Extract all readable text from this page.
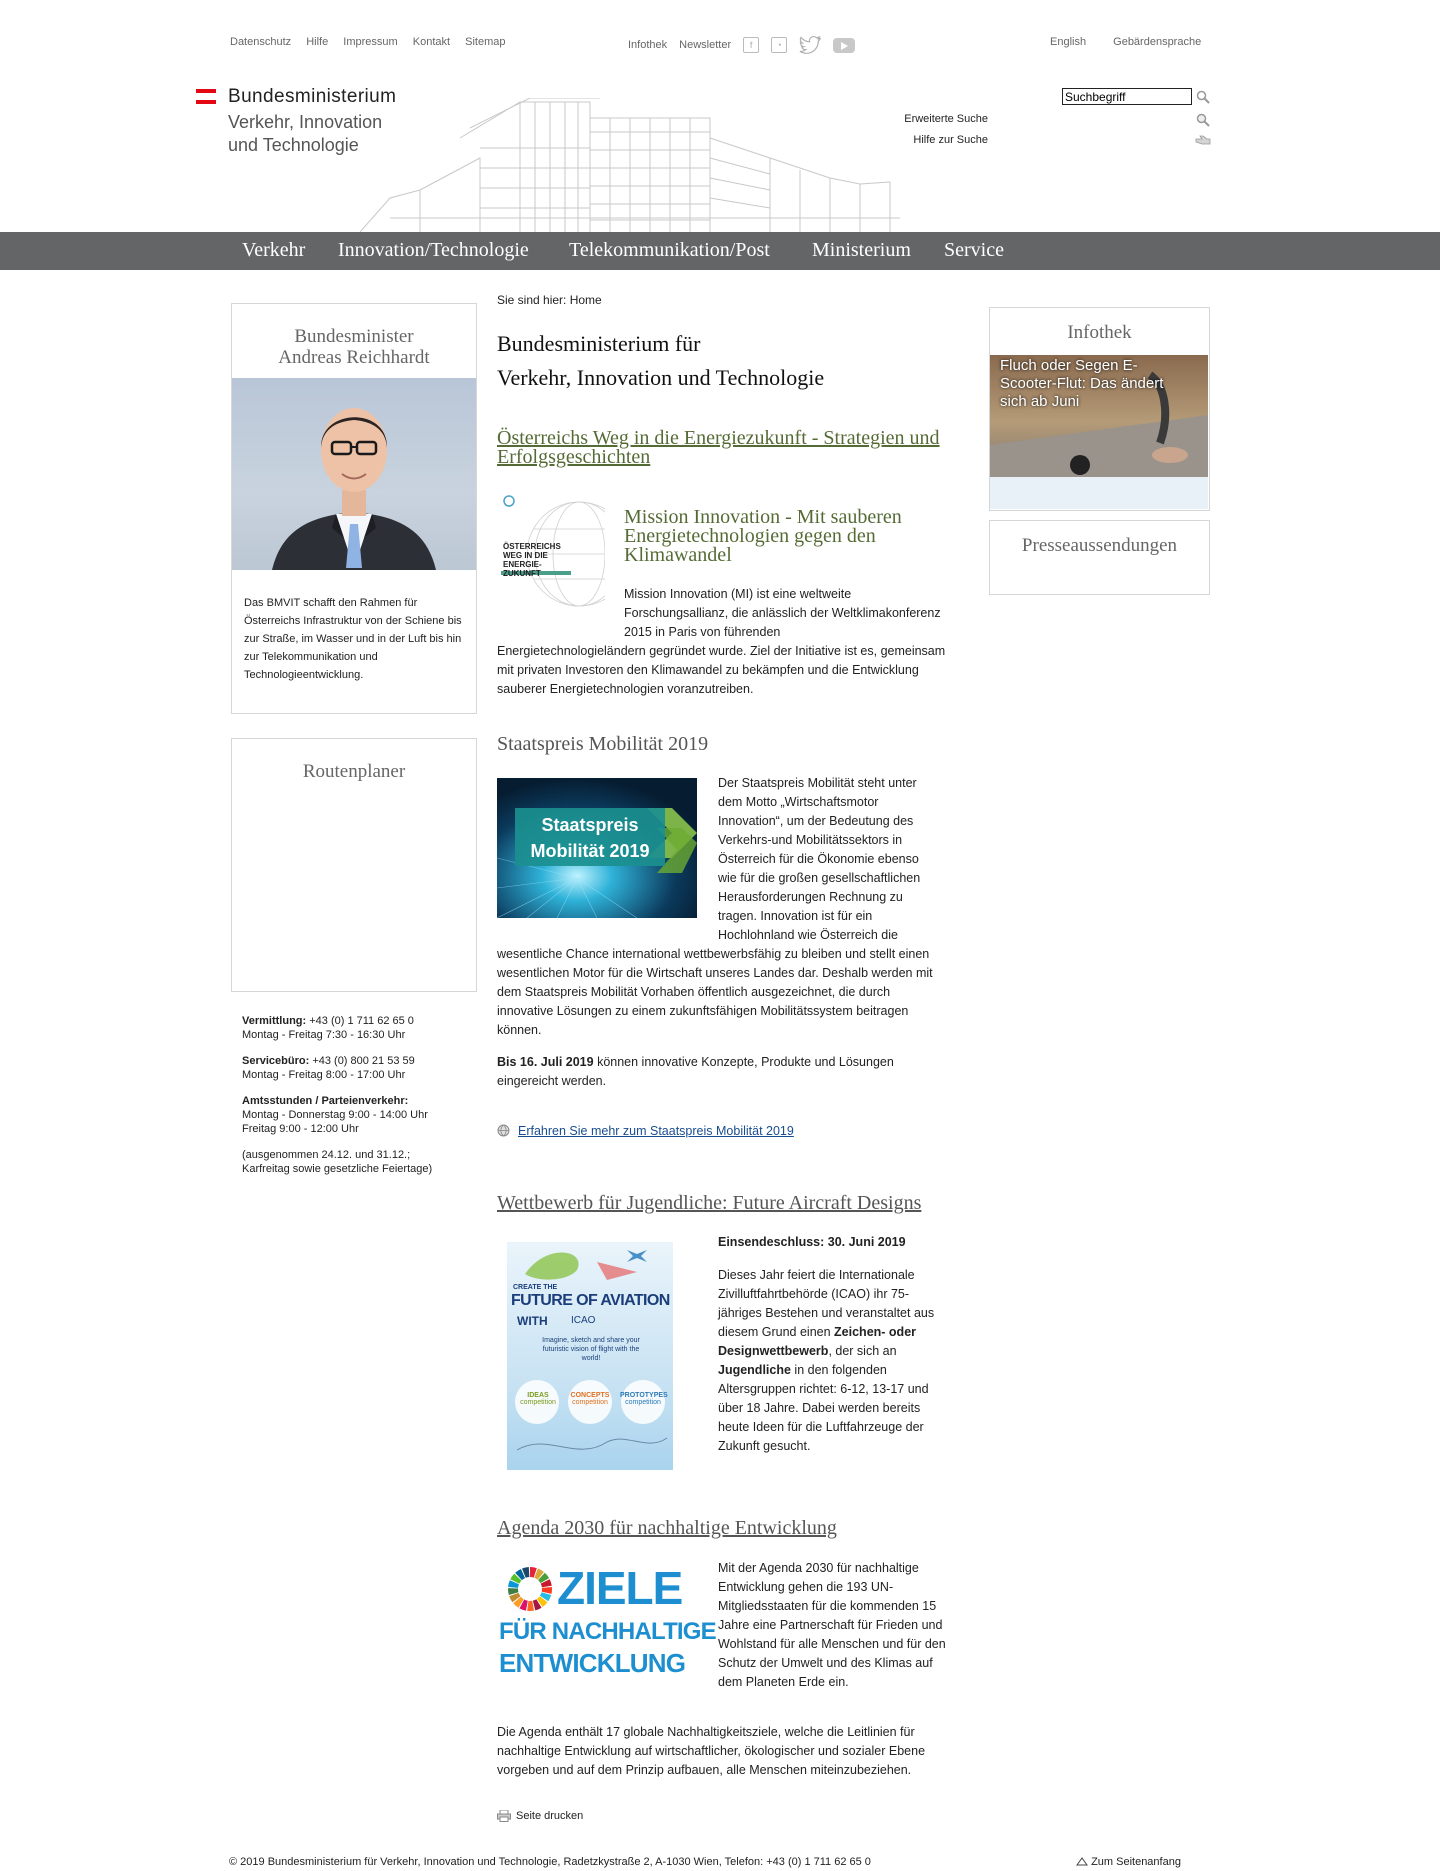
Datenschutz Hilfe Impressum Kontakt Sitemap	Infothek Newsletter	f	◔	English Gebärdensprache
Bundesministerium
Verkehr, Innovation
und Technologie
Suchbegriff
Erweiterte Suche
Hilfe zur Suche
Verkehr Innovation/Technologie Telekommunikation/Post Ministerium Service
Bundesminister
Andreas Reichhardt
Das BMVIT schafft den Rahmen für Österreichs Infrastruktur von der Schiene bis zur Straße, im Wasser und in der Luft bis hin zur Telekommunikation und Technologieentwicklung.
Routenplaner

Vermittlung: +43 (0) 1 711 62 65 0
Montag - Freitag 7:30 - 16:30 Uhr

Servicebüro: +43 (0) 800 21 53 59
Montag - Freitag 8:00 - 17:00 Uhr

Amtsstunden / Parteienverkehr:
Montag - Donnerstag 9:00 - 14:00 Uhr
Freitag 9:00 - 12:00 Uhr

(ausgenommen 24.12. und 31.12.;
Karfreitag sowie gesetzliche Feiertage)

Sie sind hier: Home
Bundesministerium für
Verkehr, Innovation und Technologie
Österreichs Weg in die Energiezukunft - Strategien und Erfolgsgeschichten
ÖSTERREICHS WEG IN DIE ENERGIE-ZUKUNFT
Mission Innovation - Mit sauberen Energietechnologien gegen den Klimawandel
Mission Innovation (MI) ist eine weltweite Forschungsallianz, die anlässlich der Weltklimakonferenz 2015 in Paris von führenden
Energietechnologieländern gegründet wurde. Ziel der Initiative ist es, gemeinsam mit privaten Investoren den Klimawandel zu bekämpfen und die Entwicklung sauberer Energietechnologien voranzutreiben.
Staatspreis Mobilität 2019
Staatspreis
Mobilität 2019
Der Staatspreis Mobilität steht unter dem Motto „Wirtschaftsmotor Innovation“, um der Bedeutung des Verkehrs-und Mobilitätssektors in Österreich für die Ökonomie ebenso wie für die großen gesellschaftlichen Herausforderungen Rechnung zu tragen. Innovation ist für ein Hochlohnland wie Österreich die
wesentliche Chance international wettbewerbsfähig zu bleiben und stellt einen wesentlichen Motor für die Wirtschaft unseres Landes dar. Deshalb werden mit dem Staatspreis Mobilität Vorhaben öffentlich ausgezeichnet, die durch innovative Lösungen zu einem zukunftsfähigen Mobilitätssystem beitragen können.
Bis 16. Juli 2019 können innovative Konzepte, Produkte und Lösungen eingereicht werden.
Erfahren Sie mehr zum Staatspreis Mobilität 2019
Wettbewerb für Jugendliche: Future Aircraft Designs
CREATE THE
FUTURE OF AVIATION
WITH ICAO
Imagine, sketch and share your futuristic vision of flight with the world!
IDEAS
competition
CONCEPTS
competition
PROTOTYPES
competition
Einsendeschluss: 30. Juni 2019
Dieses Jahr feiert die Internationale Zivilluftfahrtbehörde (ICAO) ihr 75-jähriges Bestehen und veranstaltet aus diesem Grund einen Zeichen- oder Designwettbewerb, der sich an Jugendliche in den folgenden Altersgruppen richtet: 6-12, 13-17 und über 18 Jahre. Dabei werden bereits heute Ideen für die Luftfahrzeuge der Zukunft gesucht.
Agenda 2030 für nachhaltige Entwicklung
ZIELE
FÜR NACHHALTIGE
ENTWICKLUNG
Mit der Agenda 2030 für nachhaltige Entwicklung gehen die 193 UN-Mitgliedsstaaten für die kommenden 15 Jahre eine Partnerschaft für Frieden und Wohlstand für alle Menschen und für den Schutz der Umwelt und des Klimas auf dem Planeten Erde ein.
Die Agenda enthält 17 globale Nachhaltigkeitsziele, welche die Leitlinien für nachhaltige Entwicklung auf wirtschaftlicher, ökologischer und sozialer Ebene vorgeben und auf dem Prinzip aufbauen, alle Menschen miteinzubeziehen.
Seite drucken
Infothek
Fluch oder Segen E-Scooter-Flut: Das ändert sich ab Juni
Presseaussendungen
© 2019 Bundesministerium für Verkehr, Innovation und Technologie, Radetzkystraße 2, A-1030 Wien, Telefon: +43 (0) 1 711 62 65 0	Zum Seitenanfang
